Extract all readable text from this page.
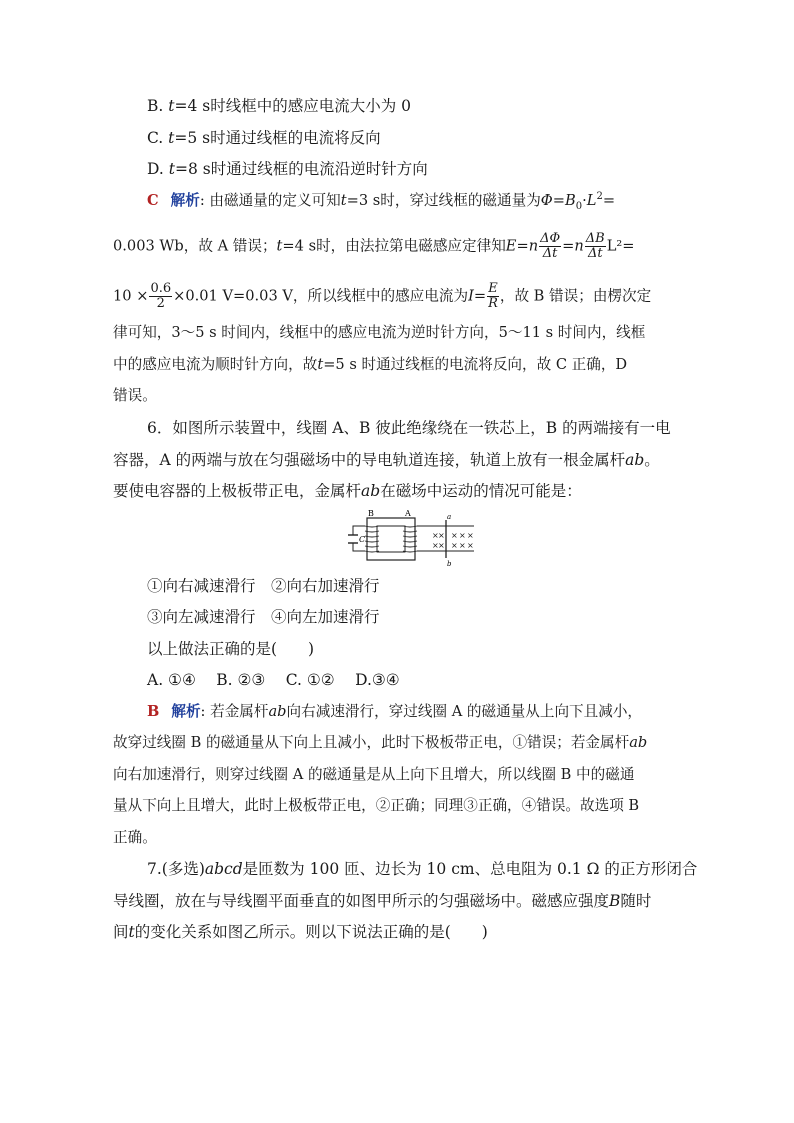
B. t=4 s时线框中的感应电流大小为 0
C. t=5 s时通过线框的电流将反向
D. t=8 s时通过线框的电流沿逆时针方向
C 解析: 由磁通量的定义可知t=3 s时，穿过线框的磁通量为$\Phi=B_0\cdot L^2=$
0.003 Wb，故 A 错误；t=4 s时，由法拉第电磁感应定律知$E=n \frac{\Delta\Phi}{\Delta t} =n \frac{\Delta B}{\Delta t} L^2=$
$10 \times \frac{0.6}{2} \times 0.01$ V=0.03 V，所以线框中的感应电流为$I= \frac{E}{R}$ ，故 B 错误；由楞次定
律可知，3～5 s 时间内，线框中的感应电流为逆时针方向，5～11 s 时间内，线框
中的感应电流为顺时针方向，故t=5 s 时通过线框的电流将反向，故 C 正确，D
错误。
6．如图所示装置中，线圈 A、B 彼此绝缘绕在一铁芯上，B 的两端接有一电
容器，A 的两端与放在匀强磁场中的导电轨道连接，轨道上放有一根金属杆ab。
要使电容器的上极板带正电，金属杆ab在磁场中运动的情况可能是：
× × × × ×
× × × × ×
B	A
C
a
b
①向右减速滑行　②向右加速滑行
③向左减速滑行　④向左加速滑行
以上做法正确的是(　　)
A. ①④　 B. ②③　 C. ①②　 D.③④
B 解析: 若金属杆ab向右减速滑行，穿过线圈 A 的磁通量从上向下且减小，
故穿过线圈 B 的磁通量从下向上且减小，此时下极板带正电，①错误；若金属杆ab
向右加速滑行，则穿过线圈 A 的磁通量是从上向下且增大，所以线圈 B 中的磁通
量从下向上且增大，此时上极板带正电，②正确；同理③正确，④错误。故选项 B
正确。
7.(多选)abcd是匝数为 100 匝、边长为 10 cm、总电阻为 0.1 Ω 的正方形闭合
导线圈，放在与导线圈平面垂直的如图甲所示的匀强磁场中。磁感应强度B随时
间t的变化关系如图乙所示。则以下说法正确的是(　　)
